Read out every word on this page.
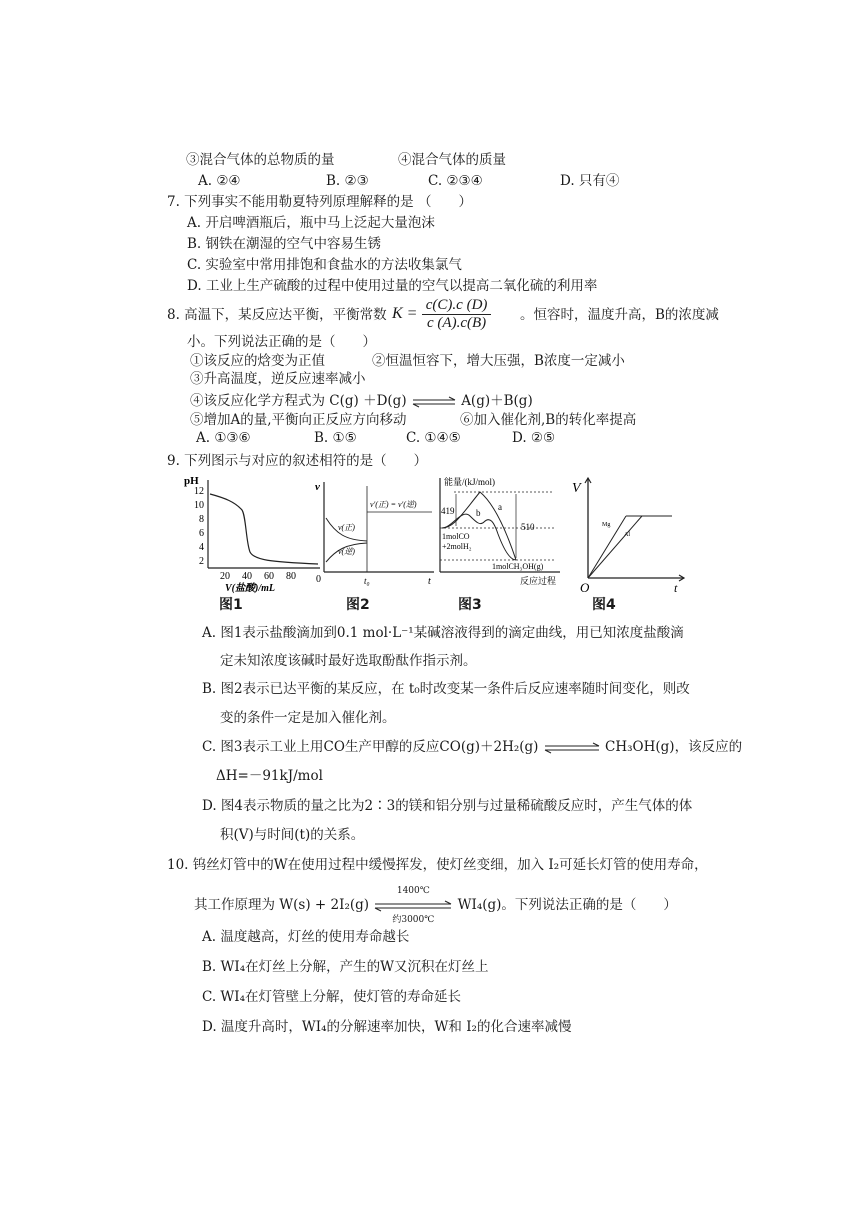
③混合气体的总物质的量	④混合气体的质量
A. ②④	B. ②③	C. ②③④	D. 只有④
7. 下列事实不能用勒夏特列原理解释的是 （　　）
A. 开启啤酒瓶后，瓶中马上泛起大量泡沫
B. 钢铁在潮湿的空气中容易生锈
C. 实验室中常用排饱和食盐水的方法收集氯气
D. 工业上生产硫酸的过程中使用过量的空气以提高二氧化硫的利用率
8. 高温下，某反应达平衡，平衡常数 $K = \frac{c(C).c (D)}{c (A).c(B)}$ 。恒容时，温度升高，B的浓度减
小。下列说法正确的是（　　）
①该反应的焓变为正值	②恒温恒容下，增大压强，B浓度一定减小
③升高温度，逆反应速率减小
④该反应化学方程式为 C(g) ＋D(g) ⇌ A(g)＋B(g)
⑤增加A的量,平衡向正反应方向移动	⑥加入催化剂,B的转化率提高
A. ①③⑥	B. ①⑤	C. ①④⑤	D. ②⑤
9. 下列图示与对应的叙述相符的是（　　）
pH
12
10
8
6
4
2
20 40 60 80
V(盐酸)/mL
图1
v
0	t
t₀
v'(正) = v'(逆)
v(正)
v(逆)
图2
能量/(kJ/mol)
419
510
a
b
1molCO
+2molH₂
1molCH₃OH(g)
反应过程
图3
V
O	t
Mg
Al
图4
A. 图1表示盐酸滴加到0.1 mol·L⁻¹某碱溶液得到的滴定曲线，用已知浓度盐酸滴
定未知浓度该碱时最好选取酚酞作指示剂。
B. 图2表示已达平衡的某反应，在 t₀时改变某一条件后反应速率随时间变化，则改
变的条件一定是加入催化剂。
C. 图3表示工业上用CO生产甲醇的反应CO(g)＋2H₂(g)	CH₃OH(g)，该反应的
ΔH=－91kJ/mol
D. 图4表示物质的量之比为2∶3的镁和铝分别与过量稀硫酸反应时，产生气体的体
积(V)与时间(t)的关系。
10. 钨丝灯管中的W在使用过程中缓慢挥发，使灯丝变细，加入 I₂可延长灯管的使用寿命，
其工作原理为 W(s) + 2I₂(g)
1400℃
约3000℃
WI₄(g)。下列说法正确的是（　　）
A. 温度越高，灯丝的使用寿命越长
B. WI₄在灯丝上分解，产生的W又沉积在灯丝上
C. WI₄在灯管壁上分解，使灯管的寿命延长
D. 温度升高时，WI₄的分解速率加快，W和 I₂的化合速率减慢
